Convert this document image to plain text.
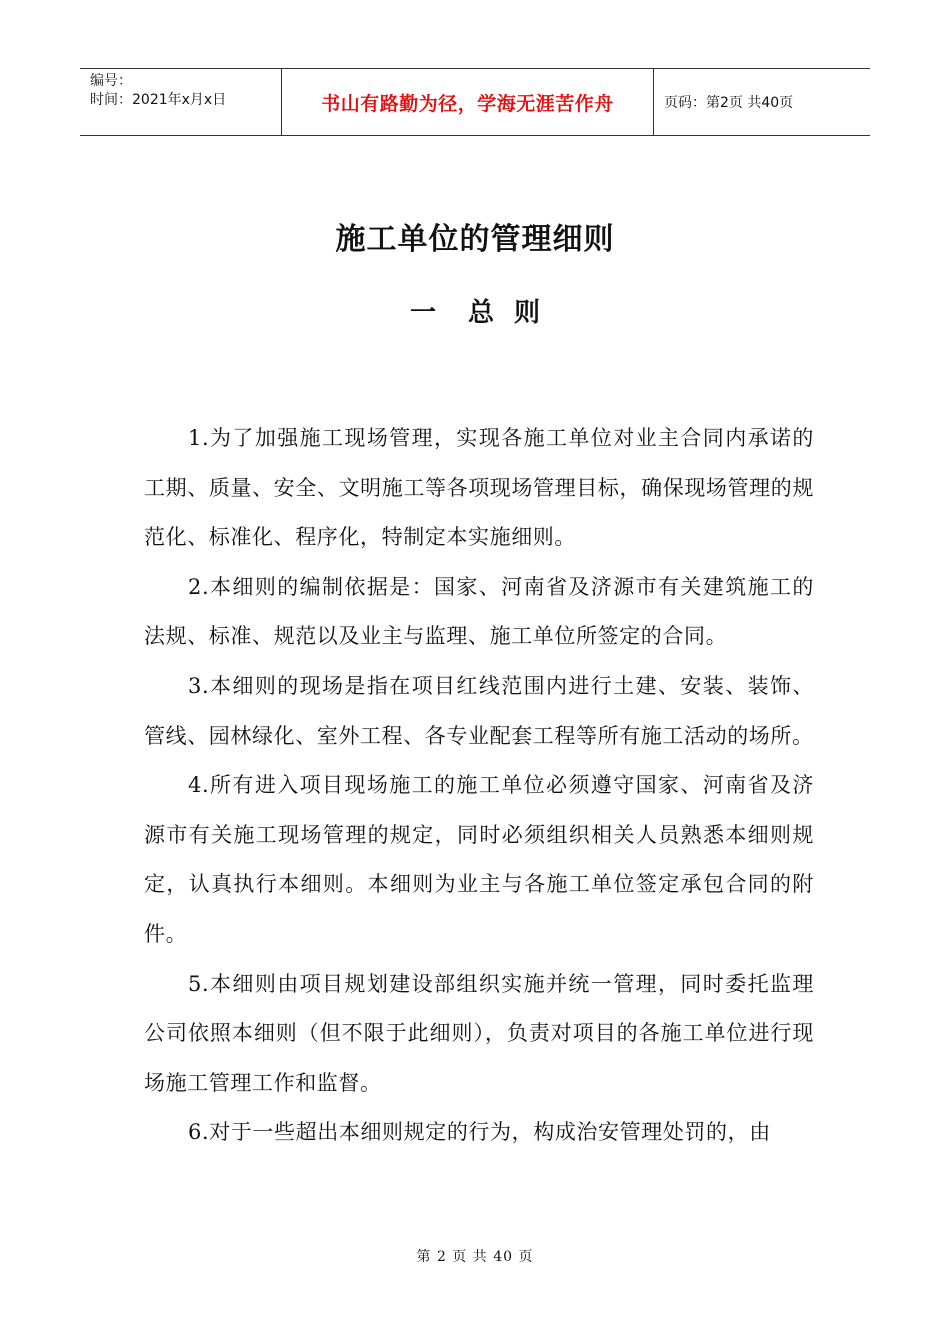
编号：
时间：2021年x月x日	书山有路勤为径，学海无涯苦作舟	页码：第2页 共40页
施工单位的管理细则
一 总 则

1.为了加强施工现场管理，实现各施工单位对业主合同内承诺的工期、质量、安全、文明施工等各项现场管理目标，确保现场管理的规范化、标准化、程序化，特制定本实施细则。

2.本细则的编制依据是：国家、河南省及济源市有关建筑施工的法规、标准、规范以及业主与监理、施工单位所签定的合同。

3.本细则的现场是指在项目红线范围内进行土建、安装、装饰、管线、园林绿化、室外工程、各专业配套工程等所有施工活动的场所。

4.所有进入项目现场施工的施工单位必须遵守国家、河南省及济源市有关施工现场管理的规定，同时必须组织相关人员熟悉本细则规定，认真执行本细则。本细则为业主与各施工单位签定承包合同的附件。

5.本细则由项目规划建设部组织实施并统一管理，同时委托监理公司依照本细则（但不限于此细则），负责对项目的各施工单位进行现场施工管理工作和监督。

6.对于一些超出本细则规定的行为，构成治安管理处罚的，由

第 2 页 共 40 页
